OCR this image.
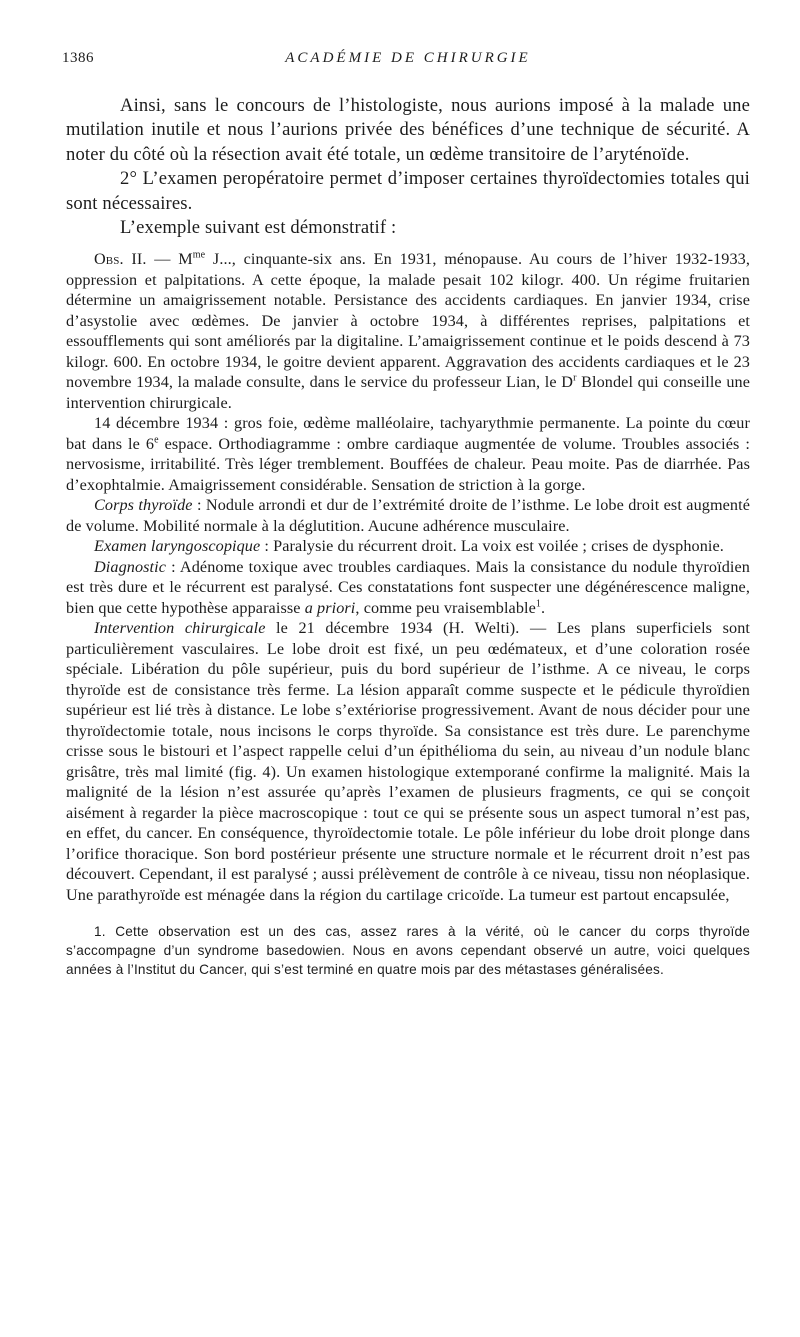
1386	ACADÉMIE DE CHIRURGIE

Ainsi, sans le concours de l’histologiste, nous aurions imposé à la malade une mutilation inutile et nous l’aurions privée des bénéfices d’une technique de sécurité. A noter du côté où la résection avait été totale, un œdème transitoire de l’aryténoïde.

2° L’examen peropératoire permet d’imposer certaines thyroïdectomies totales qui sont nécessaires.

L’exemple suivant est démonstratif :

Obs. II. — $M^{me}$ J..., cinquante-six ans. En 1931, ménopause. Au cours de l’hiver 1932-1933, oppression et palpitations. A cette époque, la malade pesait 102 kilogr. 400. Un régime fruitarien détermine un amaigrissement notable. Persistance des accidents cardiaques. En janvier 1934, crise d’asystolie avec œdèmes. De janvier à octobre 1934, à différentes reprises, palpitations et essoufflements qui sont améliorés par la digitaline. L’amaigrissement continue et le poids descend à 73 kilogr. 600. En octobre 1934, le goitre devient apparent. Aggravation des accidents cardiaques et le 23 novembre 1934, la malade consulte, dans le service du professeur Lian, le $D^r$ Blondel qui conseille une intervention chirurgicale.

14 décembre 1934 : gros foie, œdème malléolaire, tachyarythmie permanente. La pointe du cœur bat dans le 6e espace. Orthodiagramme : ombre cardiaque augmentée de volume. Troubles associés : nervosisme, irritabilité. Très léger tremblement. Bouffées de chaleur. Peau moite. Pas de diarrhée. Pas d’exophtalmie. Amaigrissement considérable. Sensation de striction à la gorge.

Corps thyroïde : Nodule arrondi et dur de l’extrémité droite de l’isthme. Le lobe droit est augmenté de volume. Mobilité normale à la déglutition. Aucune adhérence musculaire.

Examen laryngoscopique : Paralysie du récurrent droit. La voix est voilée ; crises de dysphonie.

Diagnostic : Adénome toxique avec troubles cardiaques. Mais la consistance du nodule thyroïdien est très dure et le récurrent est paralysé. Ces constatations font suspecter une dégénérescence maligne, bien que cette hypothèse apparaisse a priori, comme peu vraisemblable$^1$.

Intervention chirurgicale le 21 décembre 1934 (H. Welti). — Les plans superficiels sont particulièrement vasculaires. Le lobe droit est fixé, un peu œdémateux, et d’une coloration rosée spéciale. Libération du pôle supérieur, puis du bord supérieur de l’isthme. A ce niveau, le corps thyroïde est de consistance très ferme. La lésion apparaît comme suspecte et le pédicule thyroïdien supérieur est lié très à distance. Le lobe s’extériorise progressivement. Avant de nous décider pour une thyroïdectomie totale, nous incisons le corps thyroïde. Sa consistance est très dure. Le parenchyme crisse sous le bistouri et l’aspect rappelle celui d’un épithélioma du sein, au niveau d’un nodule blanc grisâtre, très mal limité (fig. 4). Un examen histologique extemporané confirme la malignité. Mais la malignité de la lésion n’est assurée qu’après l’examen de plusieurs fragments, ce qui se conçoit aisément à regarder la pièce macroscopique : tout ce qui se présente sous un aspect tumoral n’est pas, en effet, du cancer. En conséquence, thyroïdectomie totale. Le pôle inférieur du lobe droit plonge dans l’orifice thoracique. Son bord postérieur présente une structure normale et le récurrent droit n’est pas découvert. Cependant, il est paralysé ; aussi prélèvement de contrôle à ce niveau, tissu non néoplasique. Une parathyroïde est ménagée dans la région du cartilage cricoïde. La tumeur est partout encapsulée,

1. Cette observation est un des cas, assez rares à la vérité, où le cancer du corps thyroïde s’accompagne d’un syndrome basedowien. Nous en avons cependant observé un autre, voici quelques années à l’Institut du Cancer, qui s’est terminé en quatre mois par des métastases généralisées.
